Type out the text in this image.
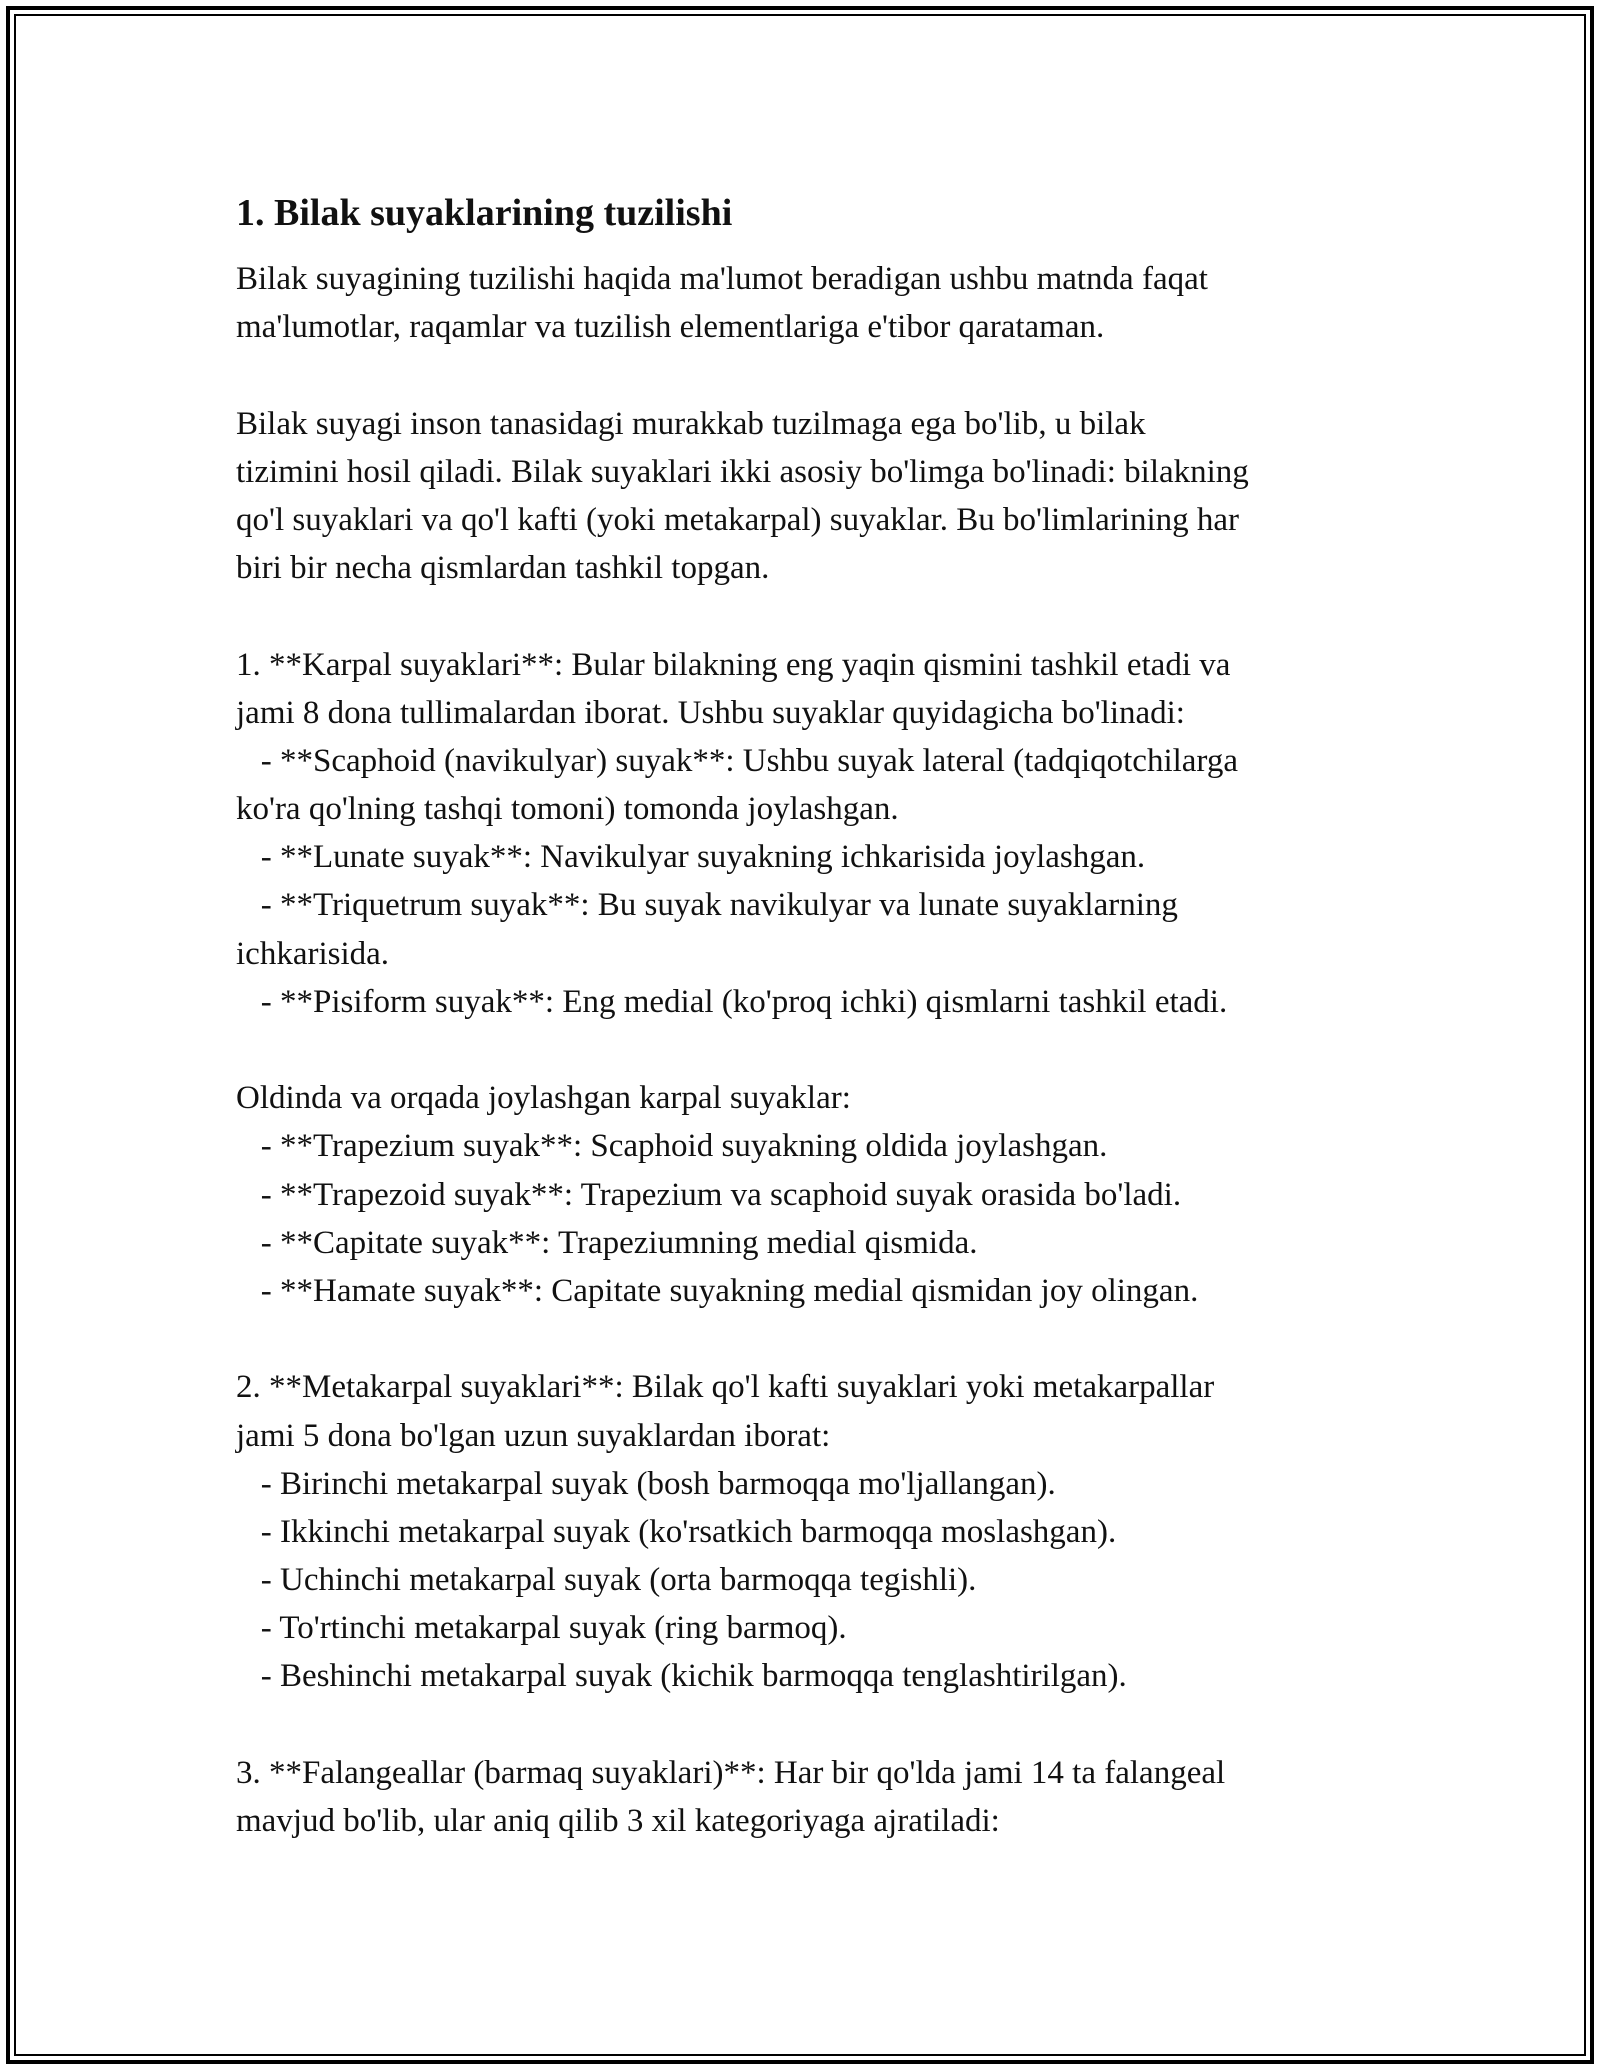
1. Bilak suyaklarining tuzilishi
Bilak suyagining tuzilishi haqida ma'lumot beradigan ushbu matnda faqat
ma'lumotlar, raqamlar va tuzilish elementlariga e'tibor qarataman.
Bilak suyagi inson tanasidagi murakkab tuzilmaga ega bo'lib, u bilak
tizimini hosil qiladi. Bilak suyaklari ikki asosiy bo'limga bo'linadi: bilakning
qo'l suyaklari va qo'l kafti (yoki metakarpal) suyaklar. Bu bo'limlarining har
biri bir necha qismlardan tashkil topgan.
1. **Karpal suyaklari**: Bular bilakning eng yaqin qismini tashkil etadi va
jami 8 dona tullimalardan iborat. Ushbu suyaklar quyidagicha bo'linadi:
- **Scaphoid (navikulyar) suyak**: Ushbu suyak lateral (tadqiqotchilarga
ko'ra qo'lning tashqi tomoni) tomonda joylashgan.
- **Lunate suyak**: Navikulyar suyakning ichkarisida joylashgan.
- **Triquetrum suyak**: Bu suyak navikulyar va lunate suyaklarning
ichkarisida.
- **Pisiform suyak**: Eng medial (ko'proq ichki) qismlarni tashkil etadi.
Oldinda va orqada joylashgan karpal suyaklar:
- **Trapezium suyak**: Scaphoid suyakning oldida joylashgan.
- **Trapezoid suyak**: Trapezium va scaphoid suyak orasida bo'ladi.
- **Capitate suyak**: Trapeziumning medial qismida.
- **Hamate suyak**: Capitate suyakning medial qismidan joy olingan.
2. **Metakarpal suyaklari**: Bilak qo'l kafti suyaklari yoki metakarpallar
jami 5 dona bo'lgan uzun suyaklardan iborat:
- Birinchi metakarpal suyak (bosh barmoqqa mo'ljallangan).
- Ikkinchi metakarpal suyak (ko'rsatkich barmoqqa moslashgan).
- Uchinchi metakarpal suyak (orta barmoqqa tegishli).
- To'rtinchi metakarpal suyak (ring barmoq).
- Beshinchi metakarpal suyak (kichik barmoqqa tenglashtirilgan).
3. **Falangeallar (barmaq suyaklari)**: Har bir qo'lda jami 14 ta falangeal
mavjud bo'lib, ular aniq qilib 3 xil kategoriyaga ajratiladi:
